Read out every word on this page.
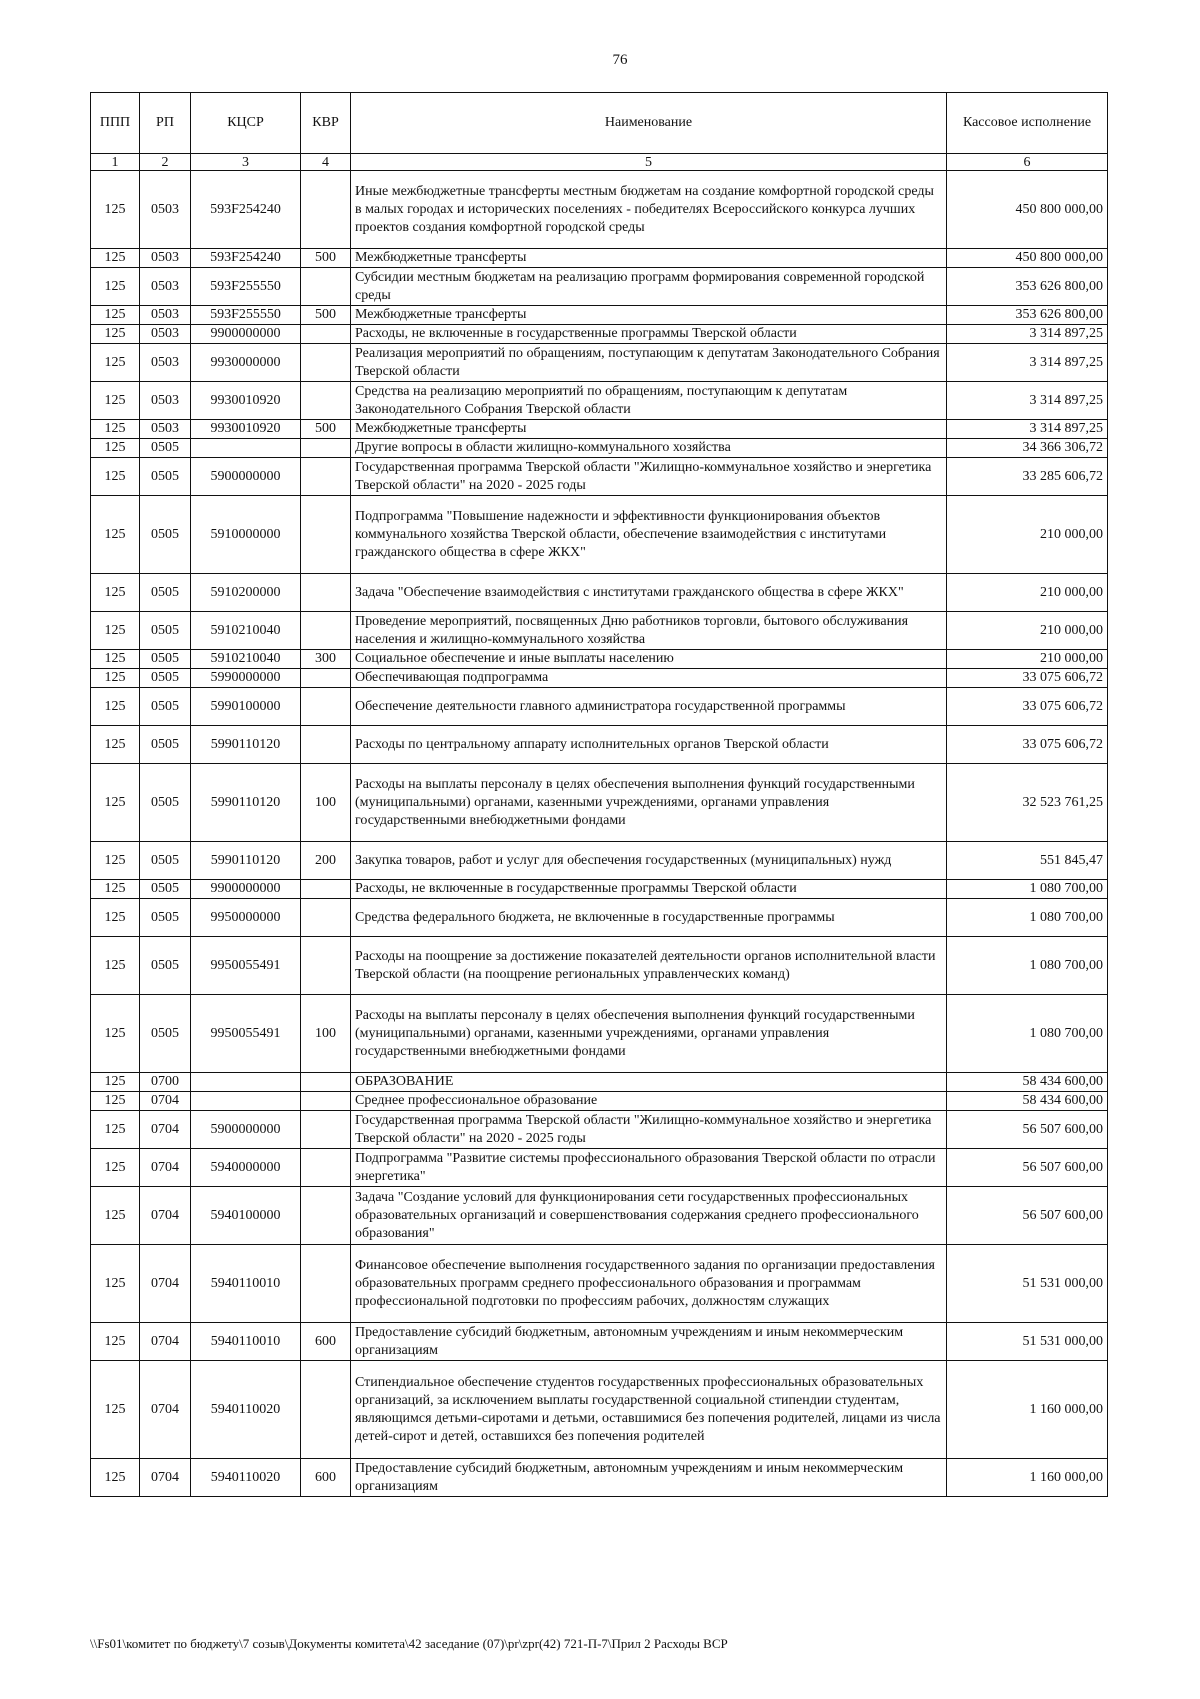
76
ППП	РП	КЦСР	КВР	Наименование	Кассовое исполнение
1	2	3	4	5	6
125	0503	593F254240		Иные межбюджетные трансферты местным бюджетам на создание комфортной городской среды в малых городах и исторических поселениях - победителях Всероссийского конкурса лучших проектов создания комфортной городской среды	450 800 000,00
125	0503	593F254240	500	Межбюджетные трансферты	450 800 000,00
125	0503	593F255550		Субсидии местным бюджетам на реализацию программ формирования современной городской среды	353 626 800,00
125	0503	593F255550	500	Межбюджетные трансферты	353 626 800,00
125	0503	9900000000		Расходы, не включенные в государственные программы Тверской области	3 314 897,25
125	0503	9930000000		Реализация мероприятий по обращениям, поступающим к депутатам Законодательного Собрания Тверской области	3 314 897,25
125	0503	9930010920		Средства на реализацию мероприятий по обращениям, поступающим к депутатам Законодательного Собрания Тверской области	3 314 897,25
125	0503	9930010920	500	Межбюджетные трансферты	3 314 897,25
125	0505			Другие вопросы в области жилищно-коммунального хозяйства	34 366 306,72
125	0505	5900000000		Государственная программа Тверской области "Жилищно-коммунальное хозяйство и энергетика Тверской области" на 2020 - 2025 годы	33 285 606,72
125	0505	5910000000		Подпрограмма "Повышение надежности и эффективности функционирования объектов коммунального хозяйства Тверской области, обеспечение взаимодействия с институтами гражданского общества в сфере ЖКХ"	210 000,00
125	0505	5910200000		Задача "Обеспечение взаимодействия с институтами гражданского общества в сфере ЖКХ"	210 000,00
125	0505	5910210040		Проведение мероприятий, посвященных Дню работников торговли, бытового обслуживания населения и жилищно-коммунального хозяйства	210 000,00
125	0505	5910210040	300	Социальное обеспечение и иные выплаты населению	210 000,00
125	0505	5990000000		Обеспечивающая подпрограмма	33 075 606,72
125	0505	5990100000		Обеспечение деятельности главного администратора государственной программы	33 075 606,72
125	0505	5990110120		Расходы по центральному аппарату исполнительных органов Тверской области	33 075 606,72
125	0505	5990110120	100	Расходы на выплаты персоналу в целях обеспечения выполнения функций государственными (муниципальными) органами, казенными учреждениями, органами управления государственными внебюджетными фондами	32 523 761,25
125	0505	5990110120	200	Закупка товаров, работ и услуг для обеспечения государственных (муниципальных) нужд	551 845,47
125	0505	9900000000		Расходы, не включенные в государственные программы Тверской области	1 080 700,00
125	0505	9950000000		Средства федерального бюджета, не включенные в государственные программы	1 080 700,00
125	0505	9950055491		Расходы на поощрение за достижение показателей деятельности органов исполнительной власти Тверской области (на поощрение региональных управленческих команд)	1 080 700,00
125	0505	9950055491	100	Расходы на выплаты персоналу в целях обеспечения выполнения функций государственными (муниципальными) органами, казенными учреждениями, органами управления государственными внебюджетными фондами	1 080 700,00
125	0700			ОБРАЗОВАНИЕ	58 434 600,00
125	0704			Среднее профессиональное образование	58 434 600,00
125	0704	5900000000		Государственная программа Тверской области "Жилищно-коммунальное хозяйство и энергетика Тверской области" на 2020 - 2025 годы	56 507 600,00
125	0704	5940000000		Подпрограмма "Развитие системы профессионального образования Тверской области по отрасли энергетика"	56 507 600,00
125	0704	5940100000		Задача "Создание условий для функционирования сети государственных профессиональных образовательных организаций и совершенствования содержания среднего профессионального образования"	56 507 600,00
125	0704	5940110010		Финансовое обеспечение выполнения государственного задания по организации предоставления образовательных программ среднего профессионального образования и программам профессиональной подготовки по профессиям рабочих, должностям служащих	51 531 000,00
125	0704	5940110010	600	Предоставление субсидий бюджетным, автономным учреждениям и иным некоммерческим организациям	51 531 000,00
125	0704	5940110020		Стипендиальное обеспечение студентов государственных профессиональных образовательных организаций, за исключением выплаты государственной социальной стипендии студентам, являющимся детьми-сиротами и детьми, оставшимися без попечения родителей, лицами из числа детей-сирот и детей, оставшихся без попечения родителей	1 160 000,00
125	0704	5940110020	600	Предоставление субсидий бюджетным, автономным учреждениям и иным некоммерческим организациям	1 160 000,00
\\Fs01\комитет по бюджету\7 созыв\Документы комитета\42 заседание (07)\pr\zpr(42) 721-П-7\Прил 2 Расходы ВСР
